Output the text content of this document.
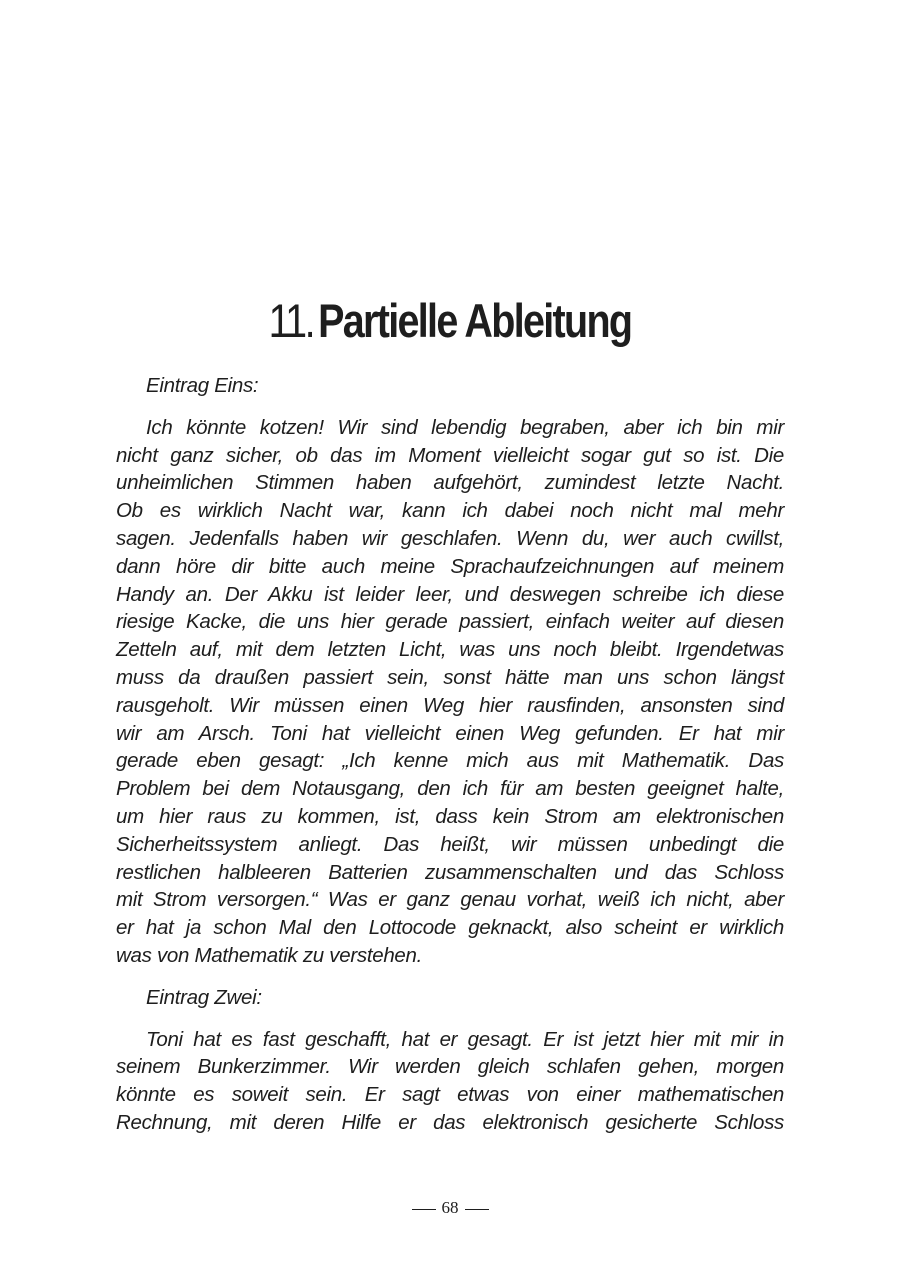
11. Partielle Ableitung

Eintrag Eins:

Ich könnte kotzen! Wir sind lebendig begraben, aber ich bin mir
nicht ganz sicher, ob das im Moment vielleicht sogar gut so ist. Die
unheimlichen Stimmen haben aufgehört, zumindest letzte Nacht.
Ob es wirklich Nacht war, kann ich dabei noch nicht mal mehr
sagen. Jedenfalls haben wir geschlafen. Wenn du, wer auch cwillst,
dann höre dir bitte auch meine Sprachaufzeichnungen auf meinem
Handy an. Der Akku ist leider leer, und deswegen schreibe ich diese
riesige Kacke, die uns hier gerade passiert, einfach weiter auf diesen
Zetteln auf, mit dem letzten Licht, was uns noch bleibt. Irgendetwas
muss da draußen passiert sein, sonst hätte man uns schon längst
rausgeholt. Wir müssen einen Weg hier rausfinden, ansonsten sind
wir am Arsch. Toni hat vielleicht einen Weg gefunden. Er hat mir
gerade eben gesagt: „Ich kenne mich aus mit Mathematik. Das
Problem bei dem Notausgang, den ich für am besten geeignet halte,
um hier raus zu kommen, ist, dass kein Strom am elektronischen
Sicherheitssystem anliegt. Das heißt, wir müssen unbedingt die
restlichen halbleeren Batterien zusammenschalten und das Schloss
mit Strom versorgen.“ Was er ganz genau vorhat, weiß ich nicht, aber
er hat ja schon Mal den Lottocode geknackt, also scheint er wirklich
was von Mathematik zu verstehen.

Eintrag Zwei:

Toni hat es fast geschafft, hat er gesagt. Er ist jetzt hier mit mir in
seinem Bunkerzimmer. Wir werden gleich schlafen gehen, morgen
könnte es soweit sein. Er sagt etwas von einer mathematischen
Rechnung, mit deren Hilfe er das elektronisch gesicherte Schloss
68
